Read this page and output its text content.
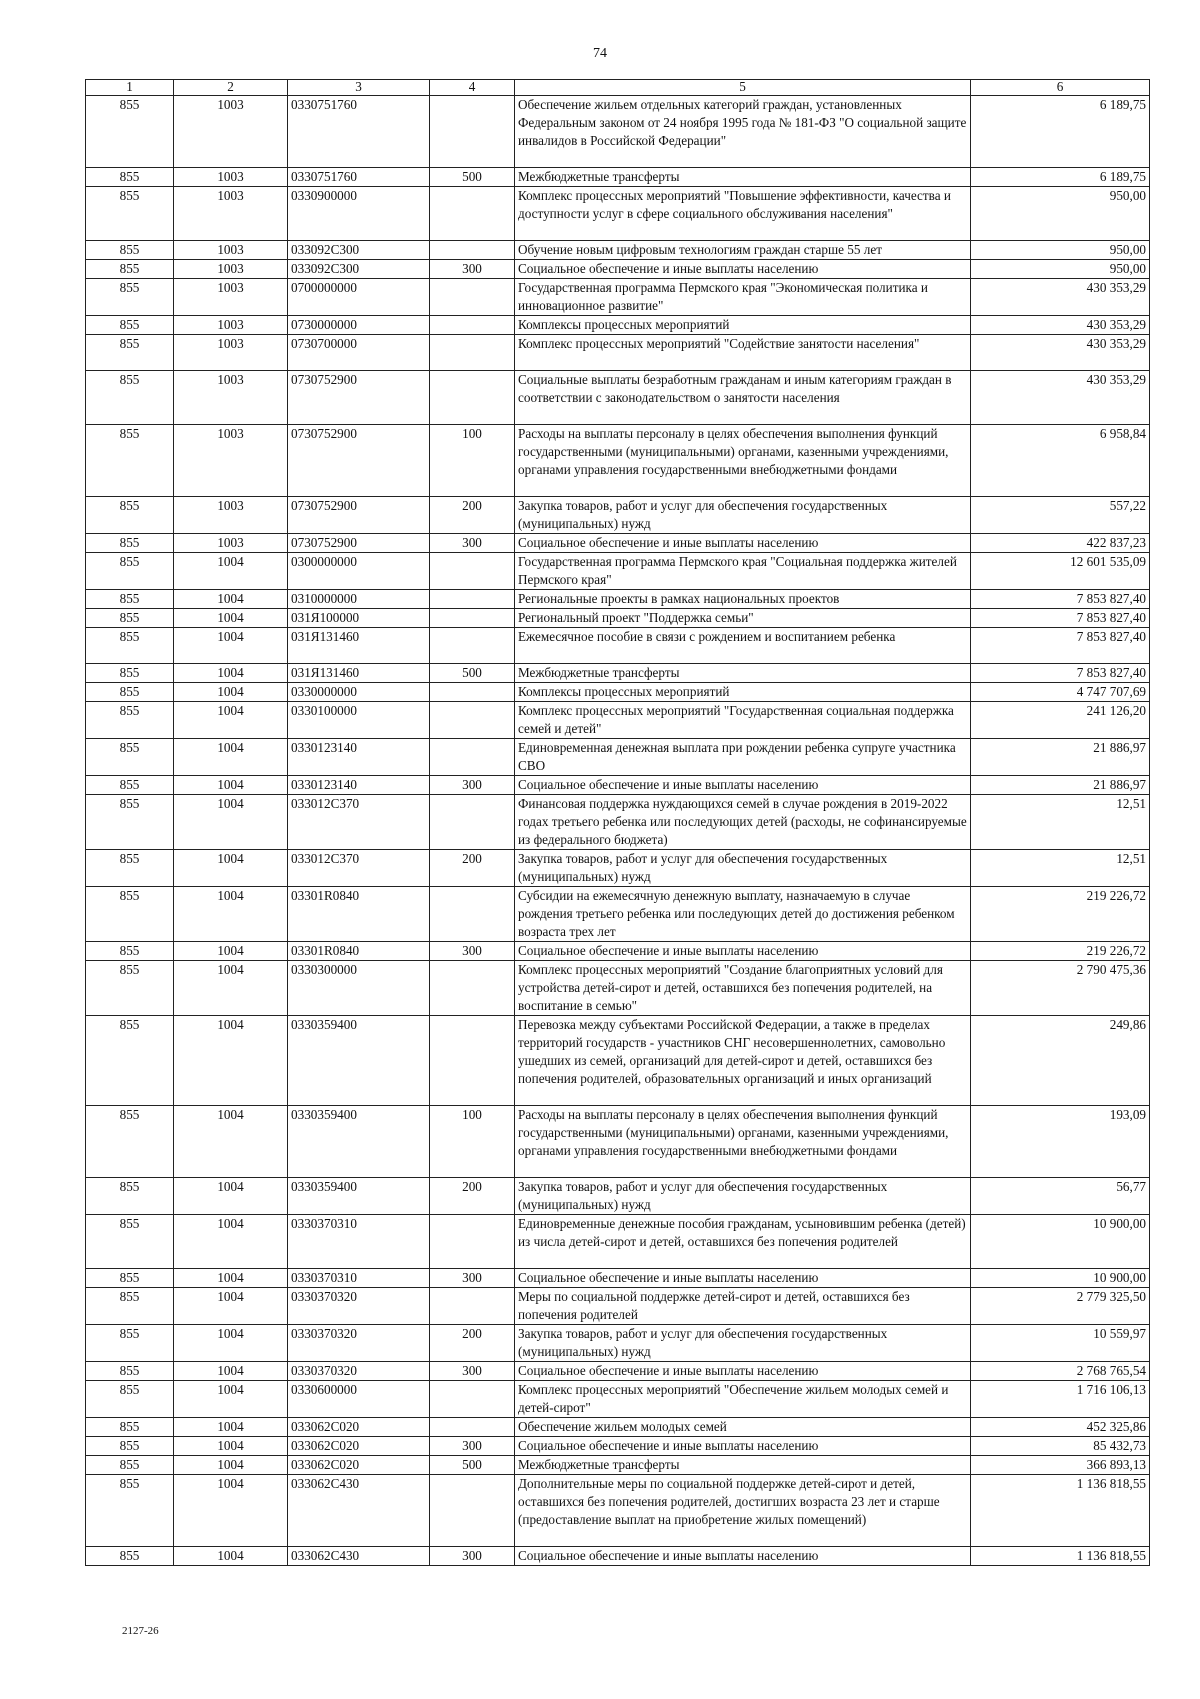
74
1	2	3	4	5	6
855	1003	0330751760		Обеспечение жильем отдельных категорий граждан, установленных Федеральным законом от 24 ноября 1995 года № 181-ФЗ "О социальной защите инвалидов в Российской Федерации"	6 189,75
855	1003	0330751760	500	Межбюджетные трансферты	6 189,75
855	1003	0330900000		Комплекс процессных мероприятий "Повышение эффективности, качества и доступности услуг в сфере социального обслуживания населения"	950,00
855	1003	033092С300		Обучение новым цифровым технологиям граждан старше 55 лет	950,00
855	1003	033092С300	300	Социальное обеспечение и иные выплаты населению	950,00
855	1003	0700000000		Государственная программа Пермского края "Экономическая политика и инновационное развитие"	430 353,29
855	1003	0730000000		Комплексы процессных мероприятий	430 353,29
855	1003	0730700000		Комплекс процессных мероприятий "Содействие занятости населения"	430 353,29
855	1003	0730752900		Социальные выплаты безработным гражданам и иным категориям граждан в соответствии с законодательством о занятости населения	430 353,29
855	1003	0730752900	100	Расходы на выплаты персоналу в целях обеспечения выполнения функций государственными (муниципальными) органами, казенными учреждениями, органами управления государственными внебюджетными фондами	6 958,84
855	1003	0730752900	200	Закупка товаров, работ и услуг для обеспечения государственных (муниципальных) нужд	557,22
855	1003	0730752900	300	Социальное обеспечение и иные выплаты населению	422 837,23
855	1004	0300000000		Государственная программа Пермского края "Социальная поддержка жителей Пермского края"	12 601 535,09
855	1004	0310000000		Региональные проекты в рамках национальных проектов	7 853 827,40
855	1004	031Я100000		Региональный проект "Поддержка семьи"	7 853 827,40
855	1004	031Я131460		Ежемесячное пособие в связи с рождением и воспитанием ребенка	7 853 827,40
855	1004	031Я131460	500	Межбюджетные трансферты	7 853 827,40
855	1004	0330000000		Комплексы процессных мероприятий	4 747 707,69
855	1004	0330100000		Комплекс процессных мероприятий "Государственная социальная поддержка семей и детей"	241 126,20
855	1004	0330123140		Единовременная денежная выплата при рождении ребенка супруге участника СВО	21 886,97
855	1004	0330123140	300	Социальное обеспечение и иные выплаты населению	21 886,97
855	1004	033012С370		Финансовая поддержка нуждающихся семей в случае рождения в 2019-2022 годах третьего ребенка или последующих детей (расходы, не софинансируемые из федерального бюджета)	12,51
855	1004	033012С370	200	Закупка товаров, работ и услуг для обеспечения государственных (муниципальных) нужд	12,51
855	1004	03301R0840		Субсидии на ежемесячную денежную выплату, назначаемую в случае рождения третьего ребенка или последующих детей до достижения ребенком возраста трех лет	219 226,72
855	1004	03301R0840	300	Социальное обеспечение и иные выплаты населению	219 226,72
855	1004	0330300000		Комплекс процессных мероприятий "Создание благоприятных условий для устройства детей-сирот и детей, оставшихся без попечения родителей, на воспитание в семью"	2 790 475,36
855	1004	0330359400		Перевозка между субъектами Российской Федерации, а также в пределах территорий государств - участников СНГ несовершеннолетних, самовольно ушедших из семей, организаций для детей-сирот и детей, оставшихся без попечения родителей, образовательных организаций и иных организаций	249,86
855	1004	0330359400	100	Расходы на выплаты персоналу в целях обеспечения выполнения функций государственными (муниципальными) органами, казенными учреждениями, органами управления государственными внебюджетными фондами	193,09
855	1004	0330359400	200	Закупка товаров, работ и услуг для обеспечения государственных (муниципальных) нужд	56,77
855	1004	0330370310		Единовременные денежные пособия гражданам, усыновившим ребенка (детей) из числа детей-сирот и детей, оставшихся без попечения родителей	10 900,00
855	1004	0330370310	300	Социальное обеспечение и иные выплаты населению	10 900,00
855	1004	0330370320		Меры по социальной поддержке детей-сирот и детей, оставшихся без попечения родителей	2 779 325,50
855	1004	0330370320	200	Закупка товаров, работ и услуг для обеспечения государственных (муниципальных) нужд	10 559,97
855	1004	0330370320	300	Социальное обеспечение и иные выплаты населению	2 768 765,54
855	1004	0330600000		Комплекс процессных мероприятий "Обеспечение жильем молодых семей и детей-сирот"	1 716 106,13
855	1004	033062С020		Обеспечение жильем молодых семей	452 325,86
855	1004	033062С020	300	Социальное обеспечение и иные выплаты населению	85 432,73
855	1004	033062С020	500	Межбюджетные трансферты	366 893,13
855	1004	033062С430		Дополнительные меры по социальной поддержке детей-сирот и детей, оставшихся без попечения родителей, достигших возраста 23 лет и старше (предоставление выплат на приобретение жилых помещений)	1 136 818,55
855	1004	033062С430	300	Социальное обеспечение и иные выплаты населению	1 136 818,55
2127-26
